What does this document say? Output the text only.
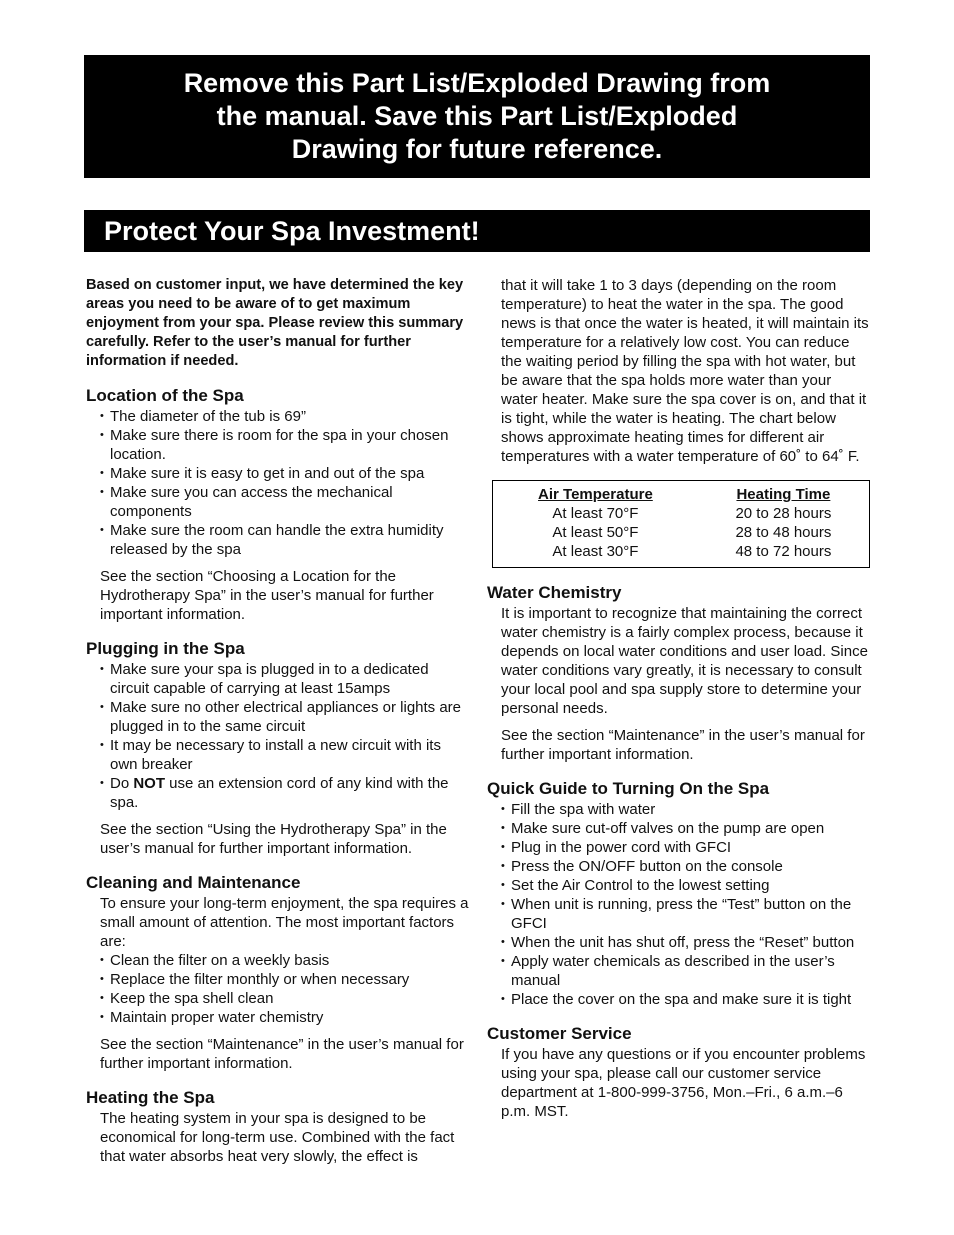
Remove this Part List/Exploded Drawing from
the manual. Save this Part List/Exploded
Drawing for future reference.
Protect Your Spa Investment!

Based on customer input, we have determined the key areas you need to be aware of to get maximum enjoyment from your spa. Please review this summary carefully. Refer to the user’s manual for further information if needed.

Location of the Spa
• The diameter of the tub is 69”
• Make sure there is room for the spa in your chosen location.
• Make sure it is easy to get in and out of the spa
• Make sure you can access the mechanical components
• Make sure the room can handle the extra humidity released by the spa

See the section “Choosing a Location for the Hydrotherapy Spa” in the user’s manual for further important information.

Plugging in the Spa
• Make sure your spa is plugged in to a dedicated circuit capable of carrying at least 15amps
• Make sure no other electrical appliances or lights are plugged in to the same circuit
• It may be necessary to install a new circuit with its own breaker
• Do NOT use an extension cord of any kind with the spa.

See the section “Using the Hydrotherapy Spa” in the user’s manual for further important information.

Cleaning and Maintenance

To ensure your long-term enjoyment, the spa requires a small amount of attention. The most important factors are:

• Clean the filter on a weekly basis
• Replace the filter monthly or when necessary
• Keep the spa shell clean
• Maintain proper water chemistry

See the section “Maintenance” in the user’s manual for further important information.

Heating the Spa

The heating system in your spa is designed to be economical for long-term use. Combined with the fact that water absorbs heat very slowly, the effect is

that it will take 1 to 3 days (depending on the room temperature) to heat the water in the spa. The good news is that once the water is heated, it will maintain its temperature for a relatively low cost. You can reduce the waiting period by filling the spa with hot water, but be aware that the spa holds more water than your water heater. Make sure the spa cover is on, and that it is tight, while the water is heating. The chart below shows approximate heating times for different air temperatures with a water temperature of 60˚ to 64˚ F.

Air Temperature	Heating Time
At least 70°F	20 to 28 hours
At least 50°F	28 to 48 hours
At least 30°F	48 to 72 hours
Water Chemistry

It is important to recognize that maintaining the correct water chemistry is a fairly complex process, because it depends on local water conditions and user load. Since water conditions vary greatly, it is necessary to consult your local pool and spa supply store to determine your personal needs.

See the section “Maintenance” in the user’s manual for further important information.

Quick Guide to Turning On the Spa
• Fill the spa with water
• Make sure cut-off valves on the pump are open
• Plug in the power cord with GFCI
• Press the ON/OFF button on the console
• Set the Air Control to the lowest setting
• When unit is running, press the “Test” button on the GFCI
• When the unit has shut off, press the “Reset” button
• Apply water chemicals as described in the user’s manual
• Place the cover on the spa and make sure it is tight
Customer Service

If you have any questions or if you encounter problems using your spa, please call our customer service department at 1-800-999-3756, Mon.–Fri., 6 a.m.–6 p.m. MST.
